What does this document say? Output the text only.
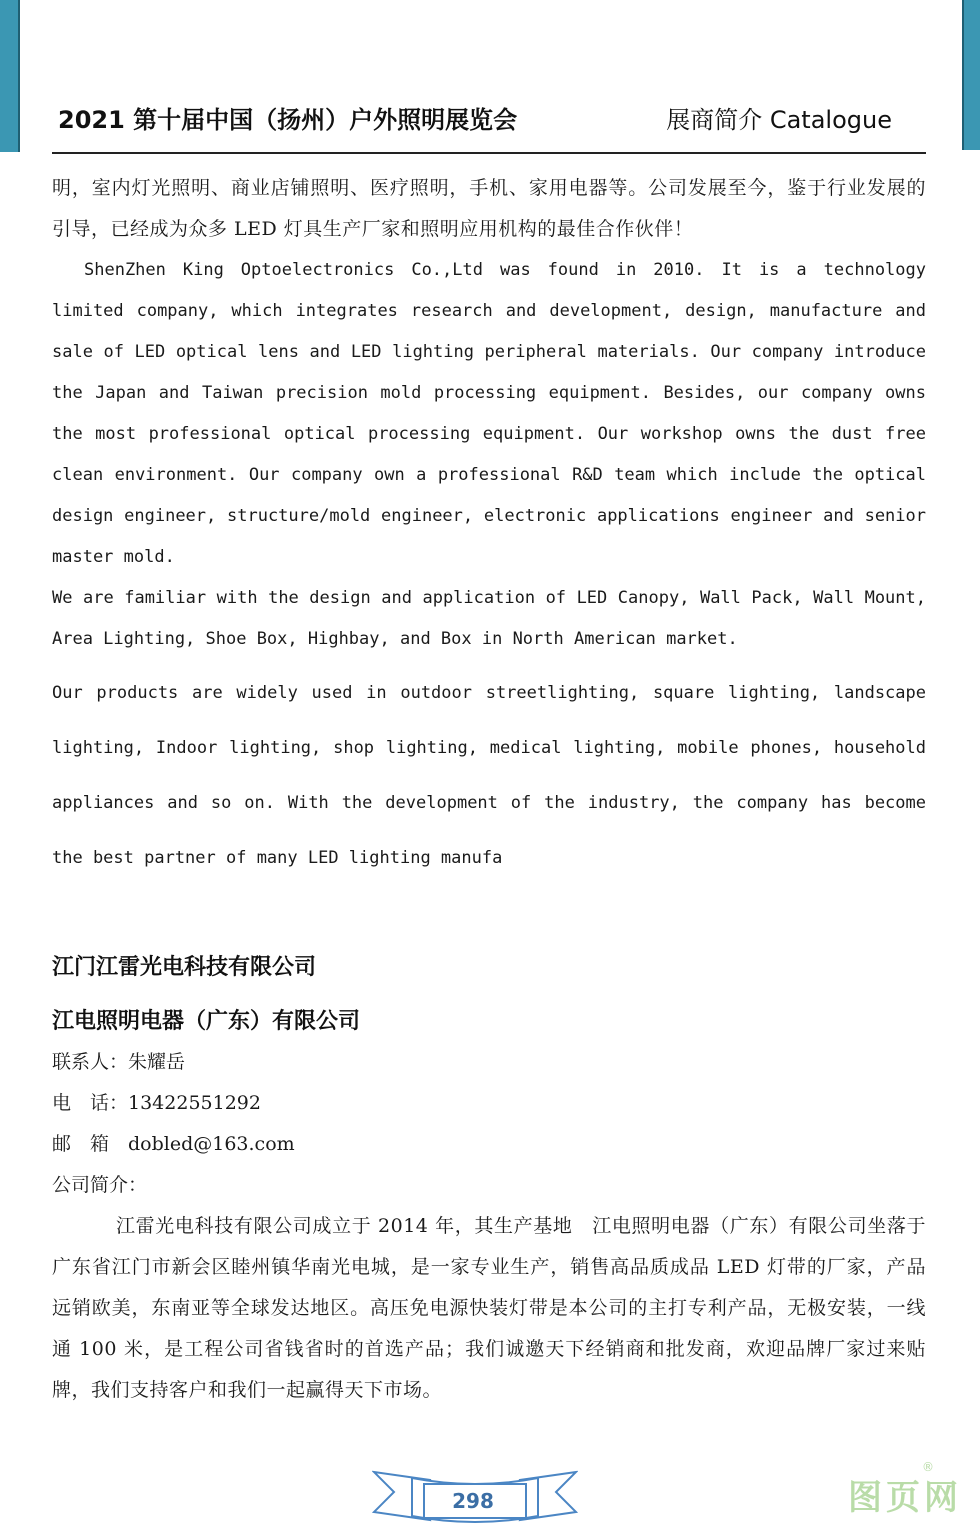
2021 第十届中国（扬州）户外照明展览会	展商简介 Catalogue

明，室内灯光照明、商业店铺照明、医疗照明，手机、家用电器等。公司发展至今，鉴于行业发展的引导，已经成为众多 LED 灯具生产厂家和照明应用机构的最佳合作伙伴！

ShenZhen King Optoelectronics Co.,Ltd was found in 2010. It is a technology limited company, which integrates research and development, design, manufacture and sale of LED optical lens and LED lighting peripheral materials. Our company introduce the Japan and Taiwan precision mold processing equipment. Besides, our company owns the most professional optical processing equipment. Our workshop owns the dust free clean environment. Our company own a professional R&D team which include the optical design engineer, structure/mold engineer, electronic applications engineer and senior master mold.

We are familiar with the design and application of LED Canopy, Wall Pack, Wall Mount, Area Lighting, Shoe Box, Highbay, and Box in North American market.

Our products are widely used in outdoor streetlighting, square lighting, landscape lighting, Indoor lighting, shop lighting, medical lighting, mobile phones, household appliances and so on. With the development of the industry, the company has become the best partner of many LED lighting manufa

江门江雷光电科技有限公司
江电照明电器（广东）有限公司
联系人：朱耀岳
电　话：13422551292
邮　箱　dobled@163.com
公司简介：

江雷光电科技有限公司成立于 2014 年，其生产基地　江电照明电器（广东）有限公司坐落于广东省江门市新会区睦州镇华南光电城，是一家专业生产，销售高品质成品 LED 灯带的厂家，产品远销欧美，东南亚等全球发达地区。高压免电源快装灯带是本公司的主打专利产品，无极安装，一线通 100 米，是工程公司省钱省时的首选产品；我们诚邀天下经销商和批发商，欢迎品牌厂家过来贴牌，我们支持客户和我们一起赢得天下市场。

298
®
图页网
